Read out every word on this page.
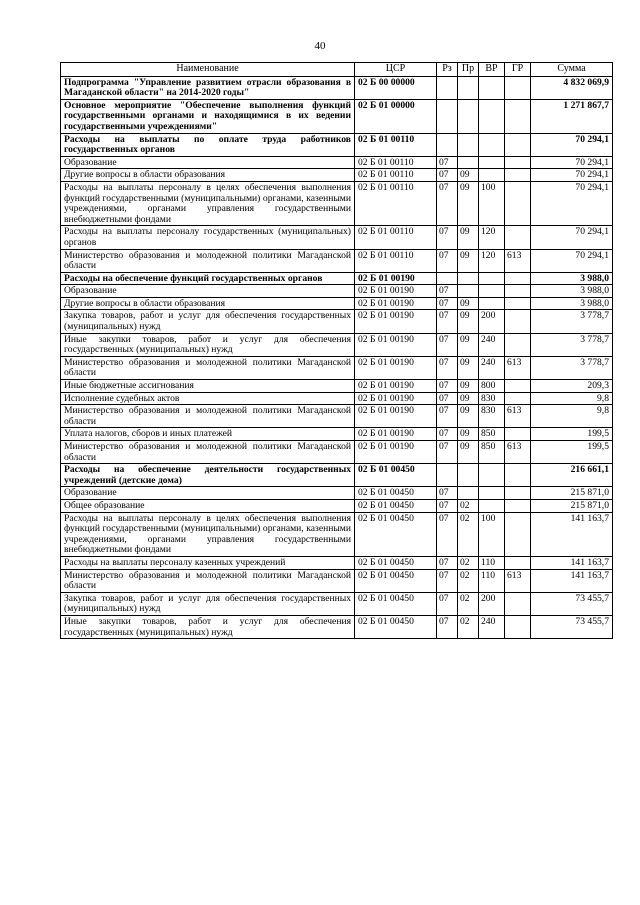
40
Наименование	ЦСР	Рз	Пр	ВР	ГР	Сумма
Подпрограмма "Управление развитием отрасли образования в Магаданской области" на 2014-2020 годы"	02 Б 00 00000					4 832 069,9
Основное мероприятие "Обеспечение выполнения функций государственными органами и находящимися в их ведении государственными учреждениями"	02 Б 01 00000					1 271 867,7
Расходы на выплаты по оплате труда работников государственных органов	02 Б 01 00110					70 294,1
Образование	02 Б 01 00110	07				70 294,1
Другие вопросы в области образования	02 Б 01 00110	07	09			70 294,1
Расходы на выплаты персоналу в целях обеспечения выполнения функций государственными (муниципальными) органами, казенными учреждениями, органами управления государственными внебюджетными фондами	02 Б 01 00110	07	09	100		70 294,1
Расходы на выплаты персоналу государственных (муниципальных) органов	02 Б 01 00110	07	09	120		70 294,1
Министерство образования и молодежной политики Магаданской области	02 Б 01 00110	07	09	120	613	70 294,1
Расходы на обеспечение функций государственных органов	02 Б 01 00190					3 988,0
Образование	02 Б 01 00190	07				3 988,0
Другие вопросы в области образования	02 Б 01 00190	07	09			3 988,0
Закупка товаров, работ и услуг для обеспечения государственных (муниципальных) нужд	02 Б 01 00190	07	09	200		3 778,7
Иные закупки товаров, работ и услуг для обеспечения государственных (муниципальных) нужд	02 Б 01 00190	07	09	240		3 778,7
Министерство образования и молодежной политики Магаданской области	02 Б 01 00190	07	09	240	613	3 778,7
Иные бюджетные ассигнования	02 Б 01 00190	07	09	800		209,3
Исполнение судебных актов	02 Б 01 00190	07	09	830		9,8
Министерство образования и молодежной политики Магаданской области	02 Б 01 00190	07	09	830	613	9,8
Уплата налогов, сборов и иных платежей	02 Б 01 00190	07	09	850		199,5
Министерство образования и молодежной политики Магаданской области	02 Б 01 00190	07	09	850	613	199,5
Расходы на обеспечение деятельности государственных учреждений (детские дома)	02 Б 01 00450					216 661,1
Образование	02 Б 01 00450	07				215 871,0
Общее образование	02 Б 01 00450	07	02			215 871,0
Расходы на выплаты персоналу в целях обеспечения выполнения функций государственными (муниципальными) органами, казенными учреждениями, органами управления государственными внебюджетными фондами	02 Б 01 00450	07	02	100		141 163,7
Расходы на выплаты персоналу казенных учреждений	02 Б 01 00450	07	02	110		141 163,7
Министерство образования и молодежной политики Магаданской области	02 Б 01 00450	07	02	110	613	141 163,7
Закупка товаров, работ и услуг для обеспечения государственных (муниципальных) нужд	02 Б 01 00450	07	02	200		73 455,7
Иные закупки товаров, работ и услуг для обеспечения государственных (муниципальных) нужд	02 Б 01 00450	07	02	240		73 455,7
